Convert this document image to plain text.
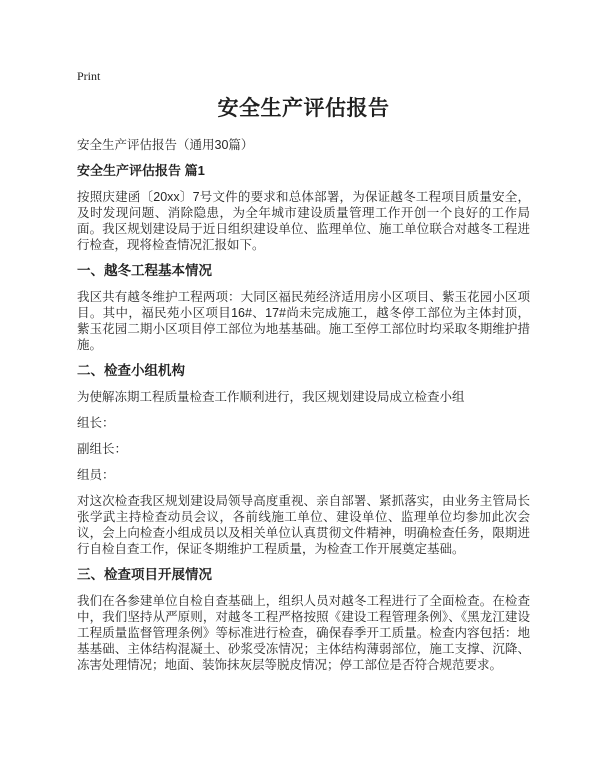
Print
安全生产评估报告
安全生产评估报告（通用30篇）
安全生产评估报告 篇1

按照庆建函〔20xx〕7号文件的要求和总体部署，为保证越冬工程项目质量安全，及时发现问题、消除隐患，为全年城市建设质量管理工作开创一个良好的工作局面。我区规划建设局于近日组织建设单位、监理单位、施工单位联合对越冬工程进行检查，现将检查情况汇报如下。

一、越冬工程基本情况

我区共有越冬维护工程两项：大同区福民苑经济适用房小区项目、紫玉花园小区项目。其中，福民苑小区项目16#、17#尚未完成施工，越冬停工部位为主体封顶，紫玉花园二期小区项目停工部位为地基基础。施工至停工部位时均采取冬期维护措施。

二、检查小组机构

为使解冻期工程质量检查工作顺利进行，我区规划建设局成立检查小组

组长：

副组长：

组员：

对这次检查我区规划建设局领导高度重视、亲自部署、紧抓落实，由业务主管局长张学武主持检查动员会议，各前线施工单位、建设单位、监理单位均参加此次会议，会上向检查小组成员以及相关单位认真贯彻文件精神，明确检查任务，限期进行自检自查工作，保证冬期维护工程质量，为检查工作开展奠定基础。

三、检查项目开展情况

我们在各参建单位自检自查基础上，组织人员对越冬工程进行了全面检查。在检查中，我们坚持从严原则，对越冬工程严格按照《建设工程管理条例》、《黑龙江建设工程质量监督管理条例》等标准进行检查，确保春季开工质量。检查内容包括：地基基础、主体结构混凝土、砂浆受冻情况；主体结构薄弱部位，施工支撑、沉降、冻害处理情况；地面、装饰抹灰层等脱皮情况；停工部位是否符合规范要求。
